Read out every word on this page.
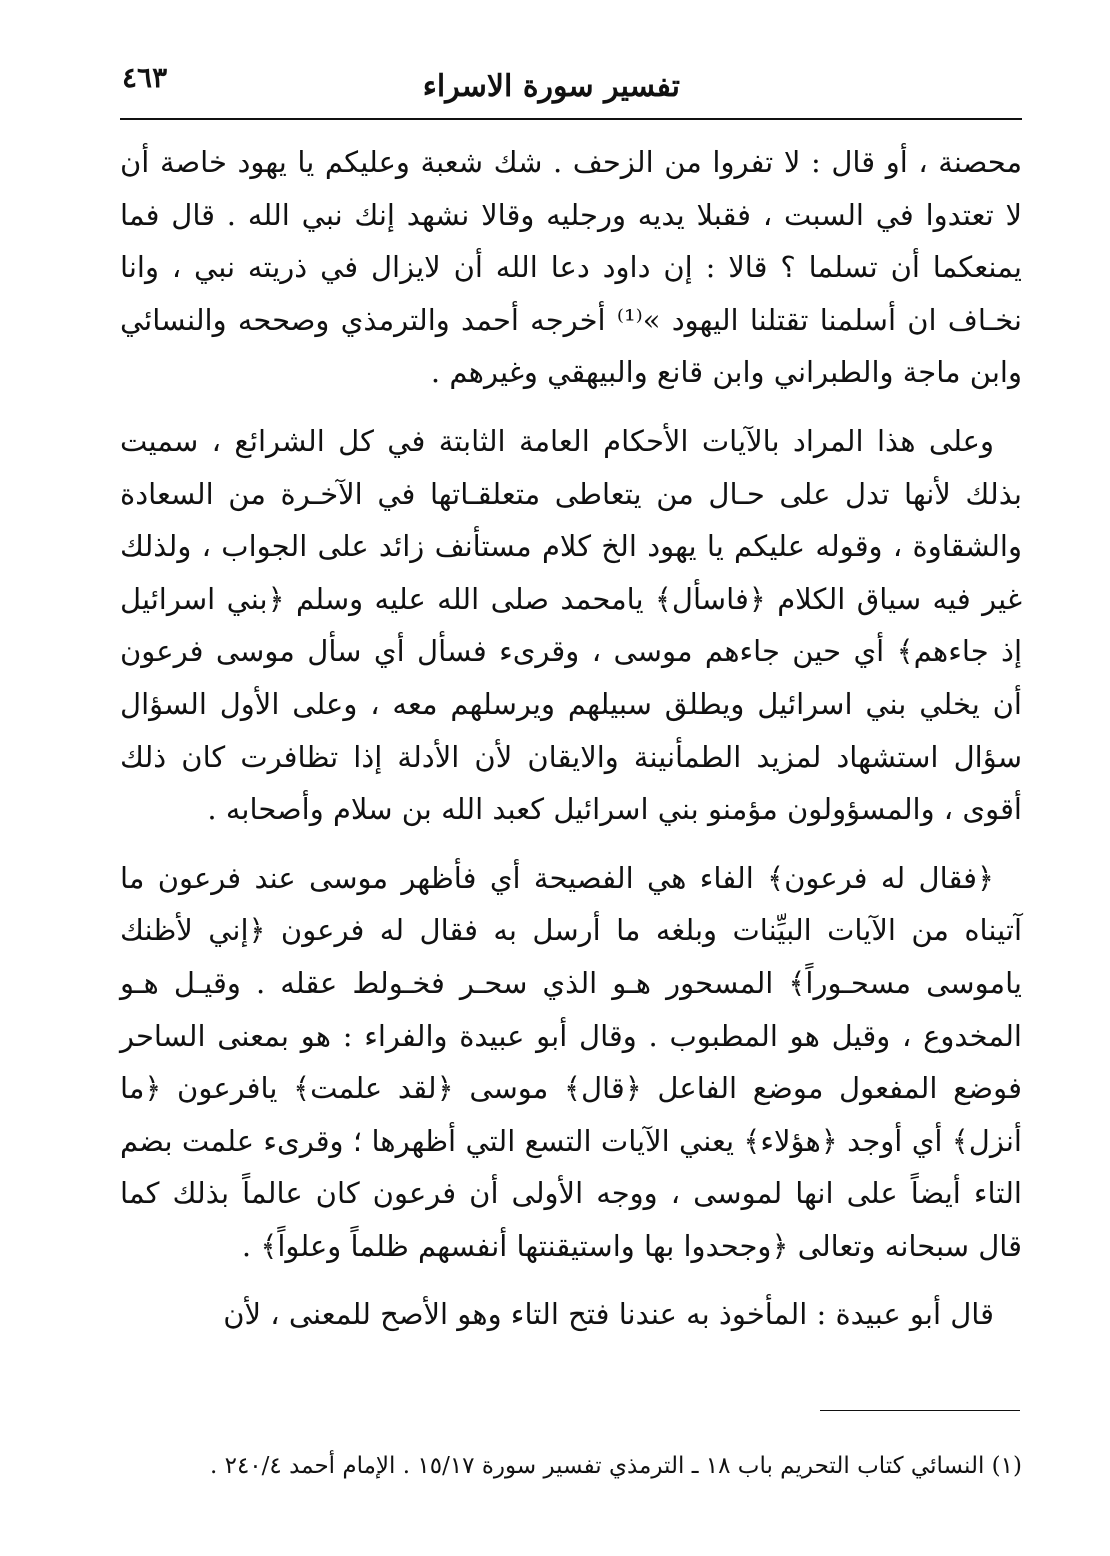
تفسير سورة الاسراء
٤٦٣

محصنة ، أو قال : لا تفروا من الزحف . شك شعبة وعليكم يا يهود خاصة أن لا تعتدوا في السبت ، فقبلا يديه ورجليه وقالا نشهد إنك نبي الله . قال فما يمنعكما أن تسلما ؟ قالا : إن داود دعا الله أن لايزال في ذريته نبي ، وانا نخـاف ان أسلمنا تقتلنا اليهود »⁽¹⁾ أخرجه أحمد والترمذي وصححه والنسائي وابن ماجة والطبراني وابن قانع والبيهقي وغيرهم .

وعلى هذا المراد بالآيات الأحكام العامة الثابتة في كل الشرائع ، سميت بذلك لأنها تدل على حـال من يتعاطى متعلقـاتها في الآخـرة من السعادة والشقاوة ، وقوله عليكم يا يهود الخ كلام مستأنف زائد على الجواب ، ولذلك غير فيه سياق الكلام ﴿فاسأل﴾ يامحمد صلى الله عليه وسلم ﴿بني اسرائيل إذ جاءهم﴾ أي حين جاءهم موسى ، وقرىء فسأل أي سأل موسى فرعون أن يخلي بني اسرائيل ويطلق سبيلهم ويرسلهم معه ، وعلى الأول السؤال سؤال استشهاد لمزيد الطمأنينة والايقان لأن الأدلة إذا تظافرت كان ذلك أقوى ، والمسؤولون مؤمنو بني اسرائيل كعبد الله بن سلام وأصحابه .

﴿فقال له فرعون﴾ الفاء هي الفصيحة أي فأظهر موسى عند فرعون ما آتيناه من الآيات البيِّنات وبلغه ما أرسل به فقال له فرعون ﴿إني لأظنك ياموسى مسحـوراً﴾ المسحور هـو الذي سحـر فخـولط عقله . وقيـل هـو المخدوع ، وقيل هو المطبوب . وقال أبو عبيدة والفراء : هو بمعنى الساحر فوضع المفعول موضع الفاعل ﴿قال﴾ موسى ﴿لقد علمت﴾ يافرعون ﴿ما أنزل﴾ أي أوجد ﴿هؤلاء﴾ يعني الآيات التسع التي أظهرها ؛ وقرىء علمت بضم التاء أيضاً على انها لموسى ، ووجه الأولى أن فرعون كان عالماً بذلك كما قال سبحانه وتعالى ﴿وجحدوا بها واستيقنتها أنفسهم ظلماً وعلواً﴾ .

قال أبو عبيدة : المأخوذ به عندنا فتح التاء وهو الأصح للمعنى ، لأن

(١) النسائي كتاب التحريم باب ١٨ ـ الترمذي تفسير سورة ١٥/١٧ . الإمام أحمد ٢٤٠/٤ .
